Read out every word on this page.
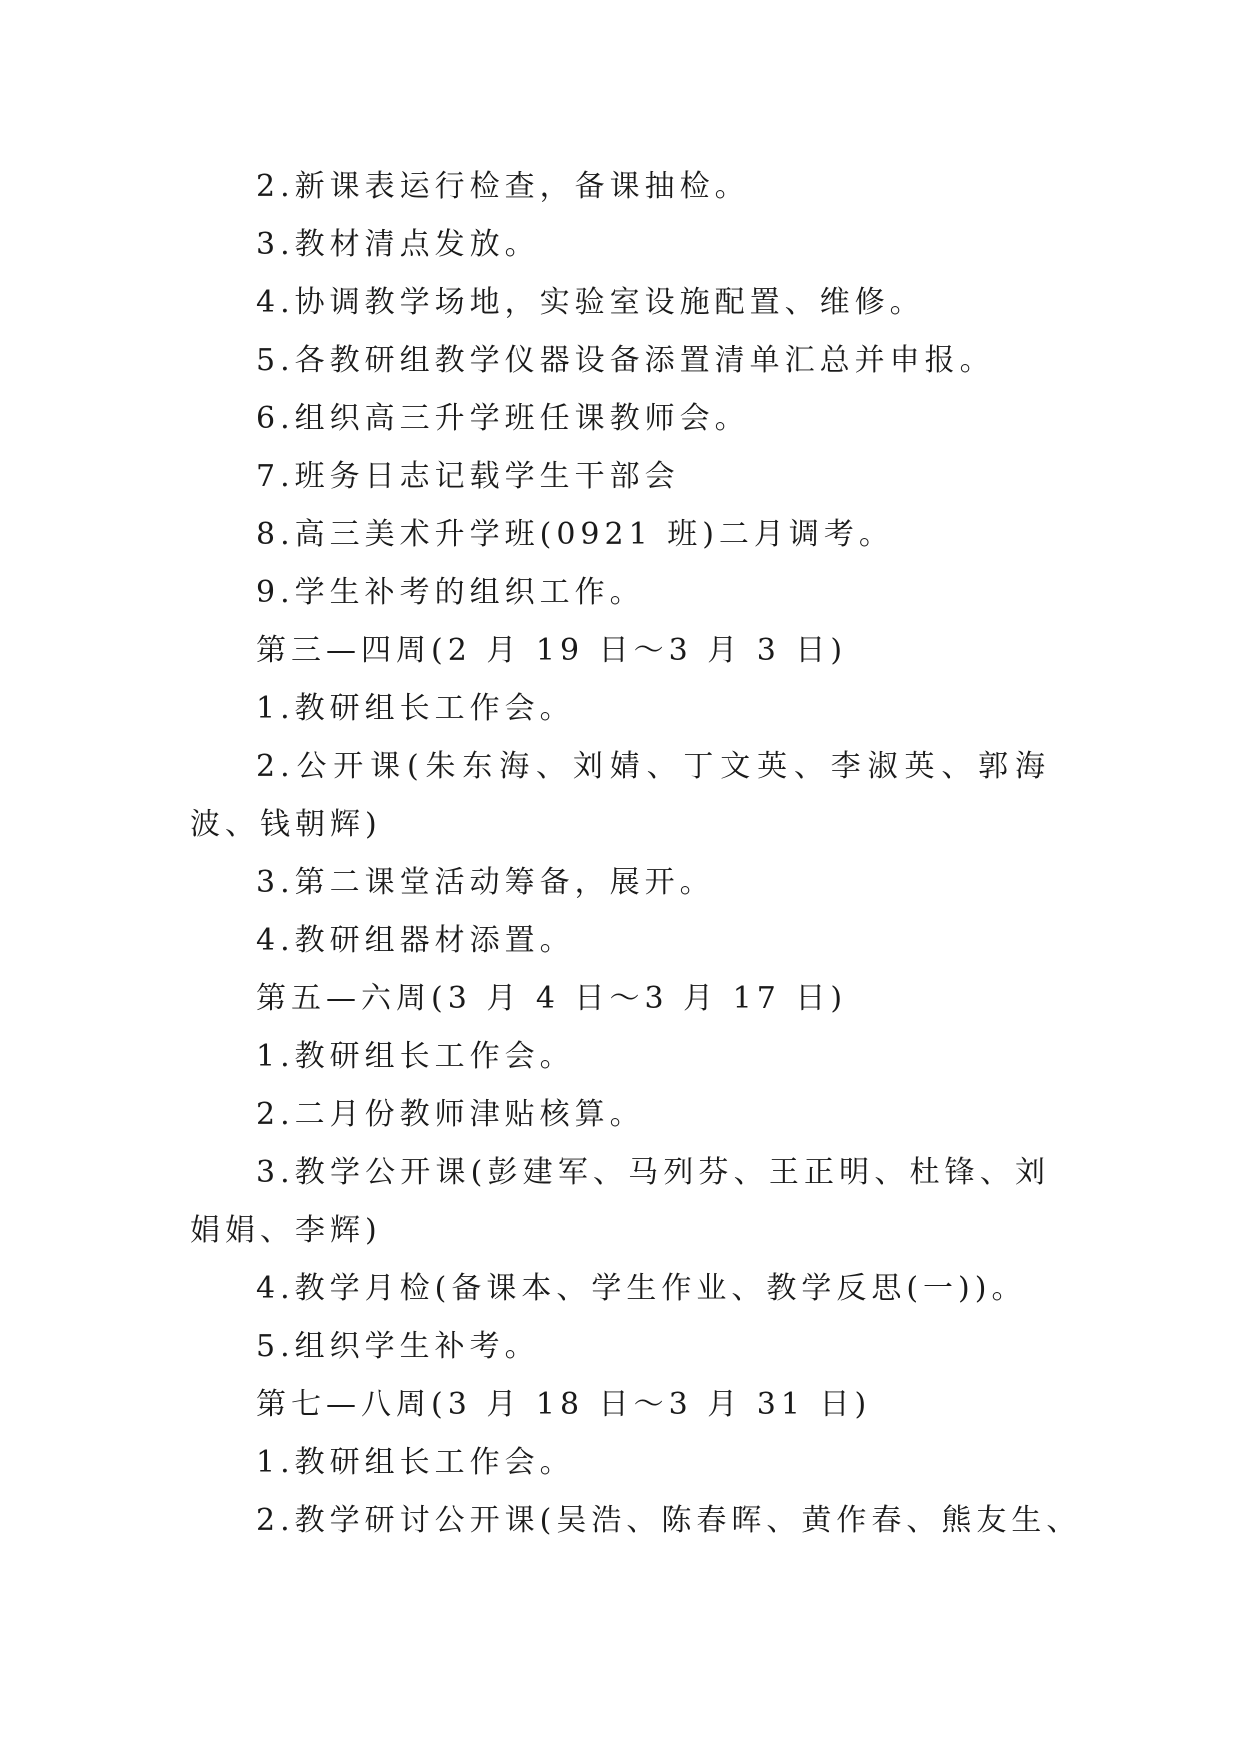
2.新课表运行检查，备课抽检。
3.教材清点发放。
4.协调教学场地，实验室设施配置、维修。
5.各教研组教学仪器设备添置清单汇总并申报。
6.组织高三升学班任课教师会。
7.班务日志记载学生干部会
8.高三美术升学班(0921 班)二月调考。
9.学生补考的组织工作。
第三—四周(2 月 19 日～3 月 3 日)
1.教研组长工作会。
2.公开课(朱东海、刘婧、丁文英、李淑英、郭海波、钱朝辉)
3.第二课堂活动筹备，展开。
4.教研组器材添置。
第五—六周(3 月 4 日～3 月 17 日)
1.教研组长工作会。
2.二月份教师津贴核算。
3.教学公开课(彭建军、马列芬、王正明、杜锋、刘娟娟、李辉)
4.教学月检(备课本、学生作业、教学反思(一))。
5.组织学生补考。
第七—八周(3 月 18 日～3 月 31 日)
1.教研组长工作会。
2.教学研讨公开课(吴浩、陈春晖、黄作春、熊友生、
